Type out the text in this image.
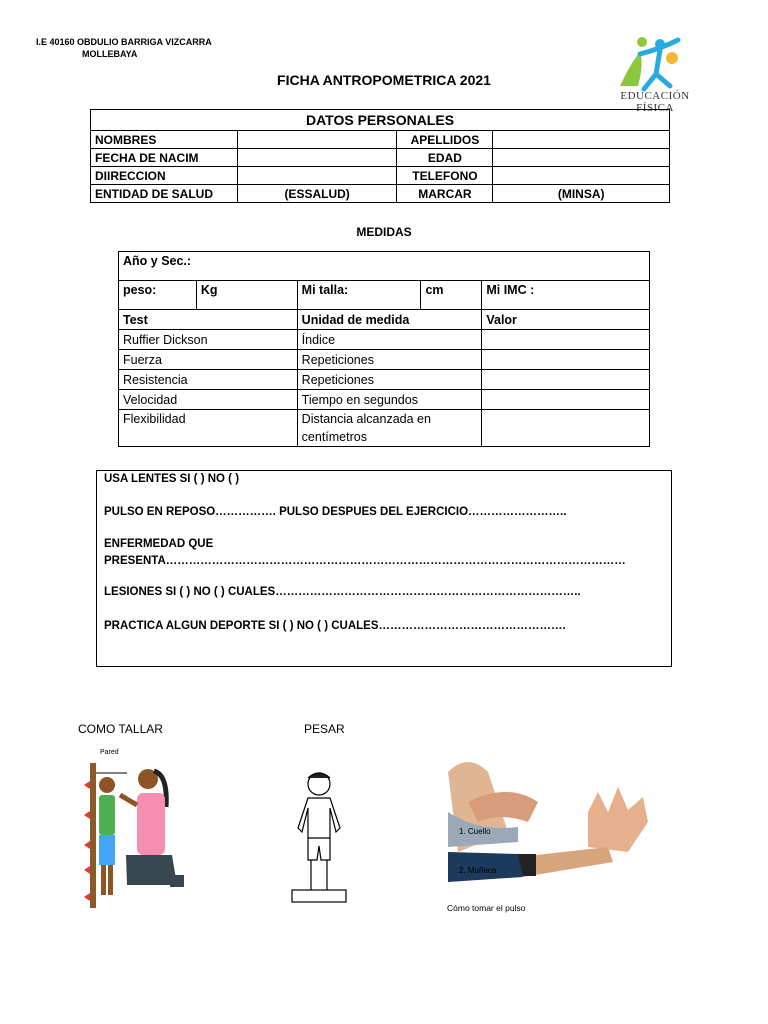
I.E 40160 OBDULIO BARRIGA VIZCARRA
MOLLEBAYA
FICHA ANTROPOMETRICA 2021
EDUCACIÓN FÍSICA
DATOS PERSONALES			
NOMBRES		APELLIDOS	
FECHA DE NACIM		EDAD	
DIIRECCION		TELEFONO	
ENTIDAD DE SALUD	(ESSALUD)	MARCAR	(MINSA)
MEDIDAS
Año y Sec.:				
peso:	Kg	Mi talla:	cm	Mi IMC :
Test		Unidad de medida		Valor
Ruffier Dickson		Índice		
Fuerza		Repeticiones		
Resistencia		Repeticiones		
Velocidad		Tiempo en segundos		
Flexibilidad		Distancia alcanzada en centímetros		

USA LENTES SI ( ) NO ( )

PULSO EN REPOSO……………. PULSO DESPUES DEL EJERCICIO……………………..

ENFERMEDAD QUE

PRESENTA…………………………………………………………………………………………………………

LESIONES SI ( ) NO ( ) CUALES……………………………………………………………………..

PRACTICA ALGUN DEPORTE SI ( ) NO ( ) CUALES………………………………………….

COMO TALLAR	PESAR
Pared
1. Cuello
2. Muñeca
Cómo tomar el pulso
